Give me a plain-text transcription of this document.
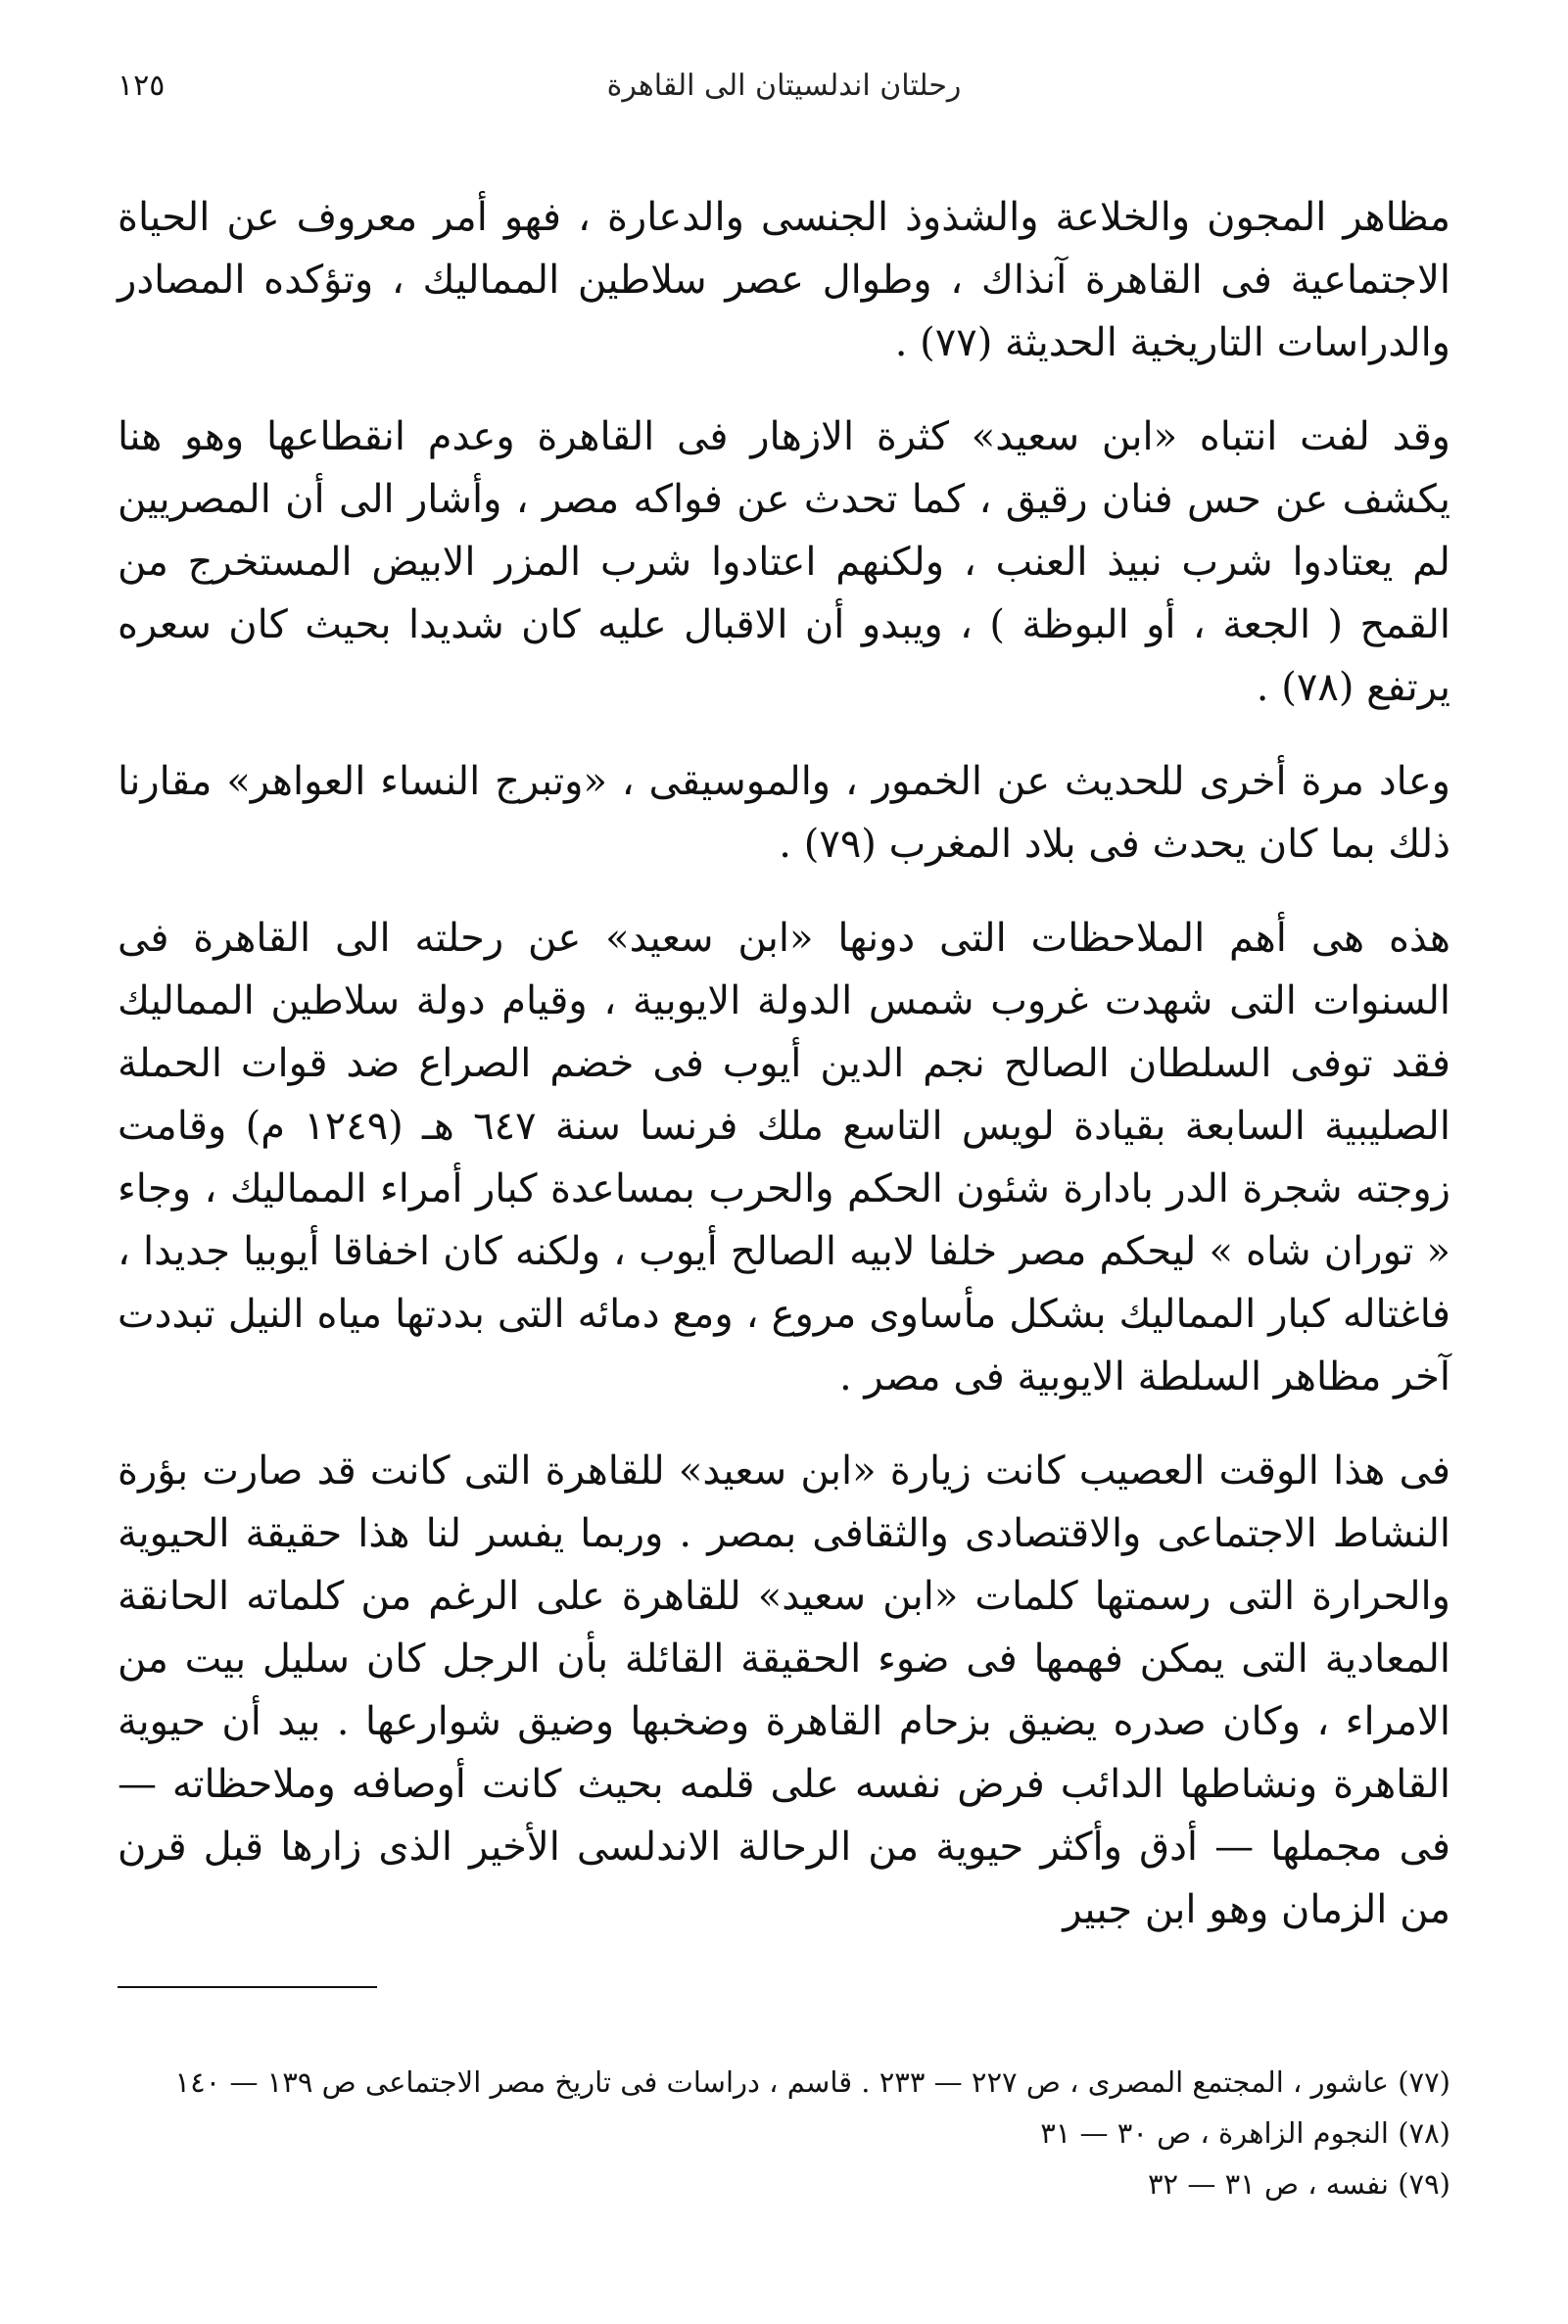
رحلتان اندلسيتان الى القاهرة
١٢٥

مظاهر المجون والخلاعة والشذوذ الجنسى والدعارة ، فهو أمر معروف عن الحياة الاجتماعية فى القاهرة آنذاك ، وطوال عصر سلاطين المماليك ، وتؤكده المصادر والدراسات التاريخية الحديثة (٧٧) .

وقد لفت انتباه «ابن سعيد» كثرة الازهار فى القاهرة وعدم انقطاعها وهو هنا يكشف عن حس فنان رقيق ، كما تحدث عن فواكه مصر ، وأشار الى أن المصريين لم يعتادوا شرب نبيذ العنب ، ولكنهم اعتادوا شرب المزر الابيض المستخرج من القمح ( الجعة ، أو البوظة ) ، ويبدو أن الاقبال عليه كان شديدا بحيث كان سعره يرتفع (٧٨) .

وعاد مرة أخرى للحديث عن الخمور ، والموسيقى ، «وتبرج النساء العواهر» مقارنا ذلك بما كان يحدث فى بلاد المغرب (٧٩) .

هذه هى أهم الملاحظات التى دونها «ابن سعيد» عن رحلته الى القاهرة فى السنوات التى شهدت غروب شمس الدولة الايوبية ، وقيام دولة سلاطين المماليك فقد توفى السلطان الصالح نجم الدين أيوب فى خضم الصراع ضد قوات الحملة الصليبية السابعة بقيادة لويس التاسع ملك فرنسا سنة ٦٤٧ هـ (١٢٤٩ م) وقامت زوجته شجرة الدر بادارة شئون الحكم والحرب بمساعدة كبار أمراء المماليك ، وجاء « توران شاه » ليحكم مصر خلفا لابيه الصالح أيوب ، ولكنه كان اخفاقا أيوبيا جديدا ، فاغتاله كبار المماليك بشكل مأساوى مروع ، ومع دمائه التى بددتها مياه النيل تبددت آخر مظاهر السلطة الايوبية فى مصر .

فى هذا الوقت العصيب كانت زيارة «ابن سعيد» للقاهرة التى كانت قد صارت بؤرة النشاط الاجتماعى والاقتصادى والثقافى بمصر . وربما يفسر لنا هذا حقيقة الحيوية والحرارة التى رسمتها كلمات «ابن سعيد» للقاهرة على الرغم من كلماته الحانقة المعادية التى يمكن فهمها فى ضوء الحقيقة القائلة بأن الرجل كان سليل بيت من الامراء ، وكان صدره يضيق بزحام القاهرة وضخبها وضيق شوارعها . بيد أن حيوية القاهرة ونشاطها الدائب فرض نفسه على قلمه بحيث كانت أوصافه وملاحظاته — فى مجملها — أدق وأكثر حيوية من الرحالة الاندلسى الأخير الذى زارها قبل قرن من الزمان وهو ابن جبير

(٧٧) عاشور ، المجتمع المصرى ، ص ٢٢٧ — ٢٣٣ . قاسم ، دراسات فى تاريخ مصر الاجتماعى ص ١٣٩ — ١٤٠

(٧٨) النجوم الزاهرة ، ص ٣٠ — ٣١

(٧٩) نفسه ، ص ٣١ — ٣٢
